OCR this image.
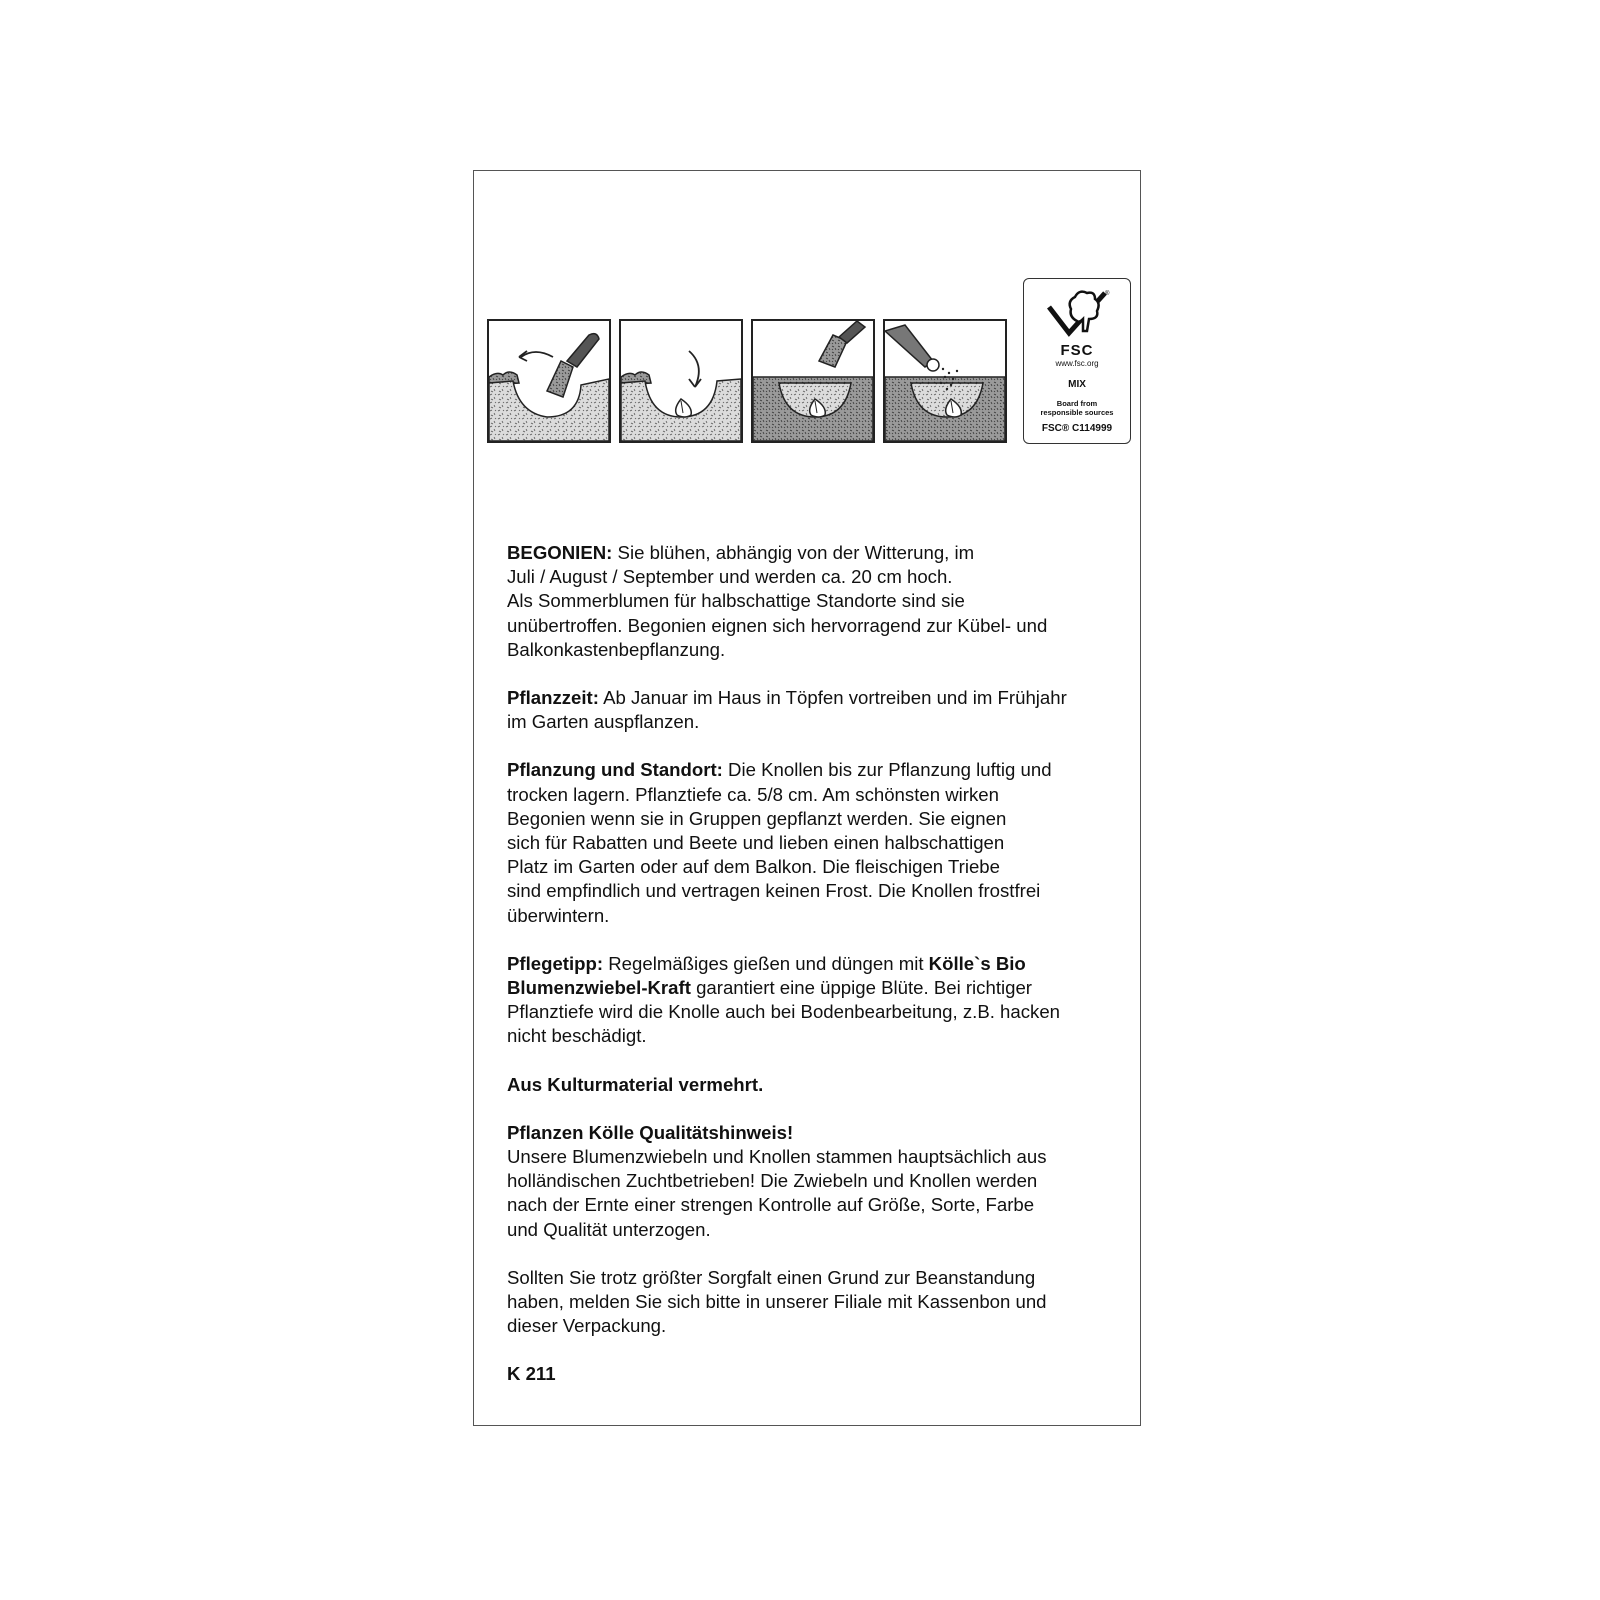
®
FSC
www.fsc.org
MIX
Board from
responsible sources
FSC® C114999

BEGONIEN: Sie blühen, abhängig von der Witterung, im
Juli / August / September und werden ca. 20 cm hoch.
Als Sommerblumen für halbschattige Standorte sind sie
unübertroffen. Begonien eignen sich hervorragend zur Kübel- und
Balkonkastenbepflanzung.

Pflanzzeit: Ab Januar im Haus in Töpfen vortreiben und im Frühjahr
im Garten auspflanzen.

Pflanzung und Standort: Die Knollen bis zur Pflanzung luftig und
trocken lagern. Pflanztiefe ca. 5/8 cm. Am schönsten wirken
Begonien wenn sie in Gruppen gepflanzt werden. Sie eignen
sich für Rabatten und Beete und lieben einen halbschattigen
Platz im Garten oder auf dem Balkon. Die fleischigen Triebe
sind empfindlich und vertragen keinen Frost. Die Knollen frostfrei
überwintern.

Pflegetipp: Regelmäßiges gießen und düngen mit Kölle`s Bio
Blumenzwiebel-Kraft garantiert eine üppige Blüte. Bei richtiger
Pflanztiefe wird die Knolle auch bei Bodenbearbeitung, z.B. hacken
nicht beschädigt.

Aus Kulturmaterial vermehrt.

Pflanzen Kölle Qualitätshinweis!
Unsere Blumenzwiebeln und Knollen stammen hauptsächlich aus
holländischen Zuchtbetrieben! Die Zwiebeln und Knollen werden
nach der Ernte einer strengen Kontrolle auf Größe, Sorte, Farbe
und Qualität unterzogen.

Sollten Sie trotz größter Sorgfalt einen Grund zur Beanstandung
haben, melden Sie sich bitte in unserer Filiale mit Kassenbon und
dieser Verpackung.

K 211
